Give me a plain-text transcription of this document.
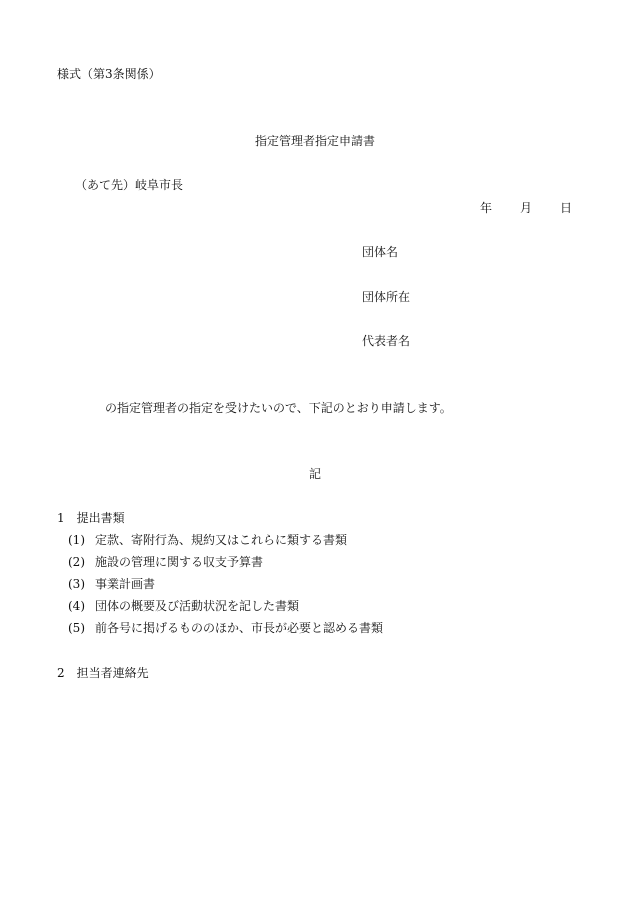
様式（第3条関係）

指定管理者指定申請書

（あて先）岐阜市長

年 月 日

団体名

団体所在

代表者名

の指定管理者の指定を受けたいので、下記のとおり申請します。

記

1　提出書類

(1) 定款、寄附行為、規約又はこれらに類する書類
(2) 施設の管理に関する収支予算書
(3) 事業計画書
(4) 団体の概要及び活動状況を記した書類
(5) 前各号に掲げるもののほか、市長が必要と認める書類

2　担当者連絡先
